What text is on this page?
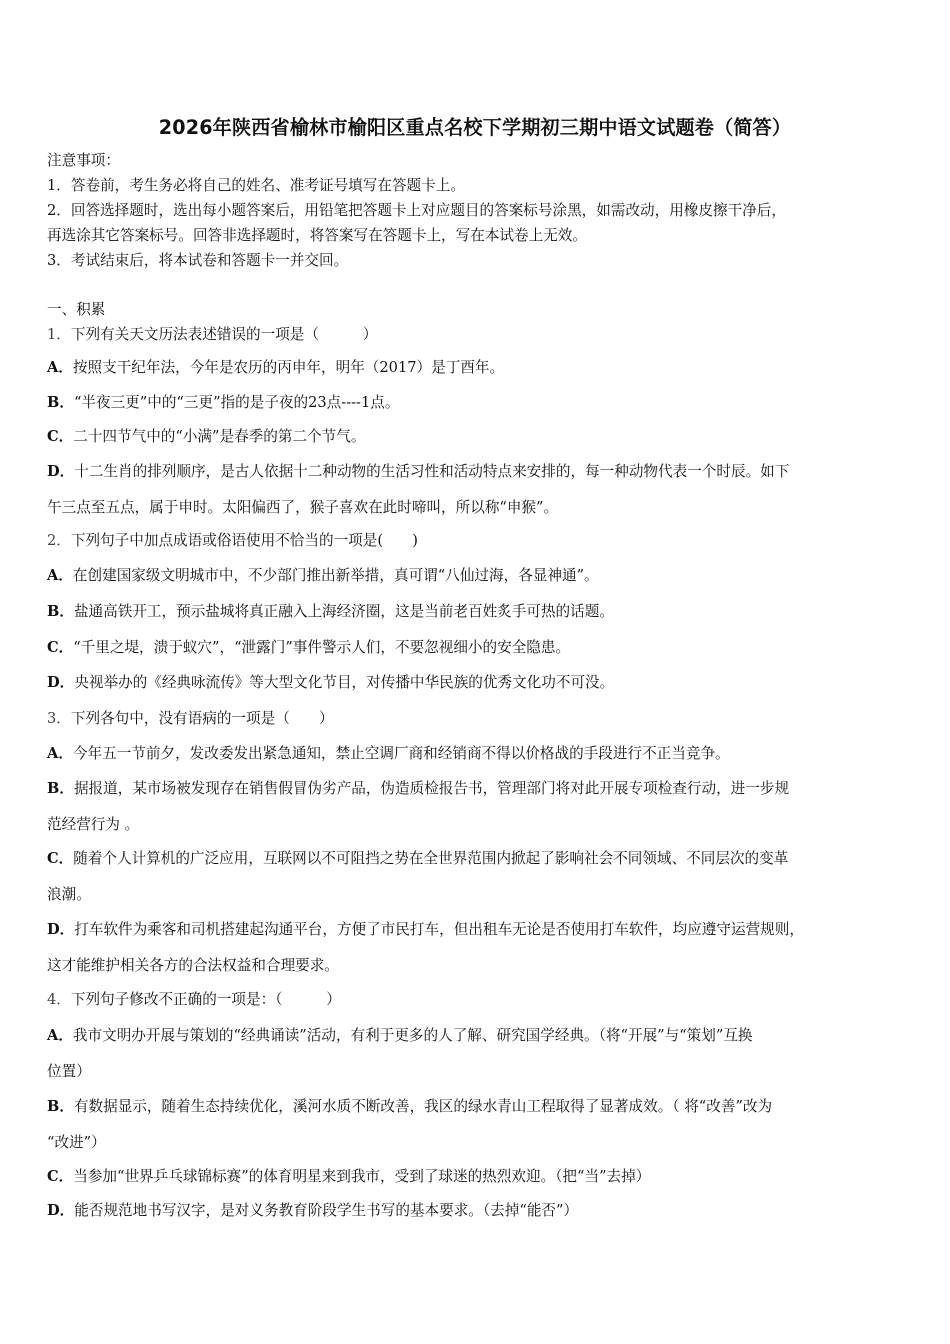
2026年陕西省榆林市榆阳区重点名校下学期初三期中语文试题卷（简答）
注意事项：
1．答卷前，考生务必将自己的姓名、准考证号填写在答题卡上。
2．回答选择题时，选出每小题答案后，用铅笔把答题卡上对应题目的答案标号涂黑，如需改动，用橡皮擦干净后，
再选涂其它答案标号。回答非选择题时，将答案写在答题卡上，写在本试卷上无效。
3．考试结束后，将本试卷和答题卡一并交回。
一、积累
1．下列有关天文历法表述错误的一项是（　　　）
A．按照支干纪年法，今年是农历的丙申年，明年（2017）是丁酉年。
B．“半夜三更”中的“三更”指的是子夜的23点----1点。
C．二十四节气中的“小满”是春季的第二个节气。
D．十二生肖的排列顺序，是古人依据十二种动物的生活习性和活动特点来安排的，每一种动物代表一个时辰。如下
午三点至五点，属于申时。太阳偏西了，猴子喜欢在此时啼叫，所以称“申猴”。
2．下列句子中加点成语或俗语使用不恰当的一项是(　　)
A．在创建国家级文明城市中，不少部门推出新举措，真可谓“八仙过海，各显神通”。
B．盐通高铁开工，预示盐城将真正融入上海经济圈，这是当前老百姓炙手可热的话题。
C．“千里之堤，溃于蚁穴”，“泄露门”事件警示人们，不要忽视细小的安全隐患。
D．央视举办的《经典咏流传》等大型文化节目，对传播中华民族的优秀文化功不可没。
3．下列各句中，没有语病的一项是（　　）
A．今年五一节前夕，发改委发出紧急通知，禁止空调厂商和经销商不得以价格战的手段进行不正当竞争。
B．据报道，某市场被发现存在销售假冒伪劣产品，伪造质检报告书，管理部门将对此开展专项检查行动，进一步规
范经营行为 。
C．随着个人计算机的广泛应用，互联网以不可阻挡之势在全世界范围内掀起了影响社会不同领域、不同层次的变革
浪潮。
D．打车软件为乘客和司机搭建起沟通平台，方便了市民打车，但出租车无论是否使用打车软件，均应遵守运营规则，
这才能维护相关各方的合法权益和合理要求。
4．下列句子修改不正确的一项是：（　　　）
A．我市文明办开展与策划的“经典诵读”活动，有利于更多的人了解、研究国学经典。（将“开展”与“策划”互换
位置）
B．有数据显示，随着生态持续优化，溪河水质不断改善，我区的绿水青山工程取得了显著成效。（ 将“改善”改为
“改进”）
C．当参加“世界乒乓球锦标赛”的体育明星来到我市，受到了球迷的热烈欢迎。（把“当”去掉）
D．能否规范地书写汉字，是对义务教育阶段学生书写的基本要求。（去掉“能否”）
